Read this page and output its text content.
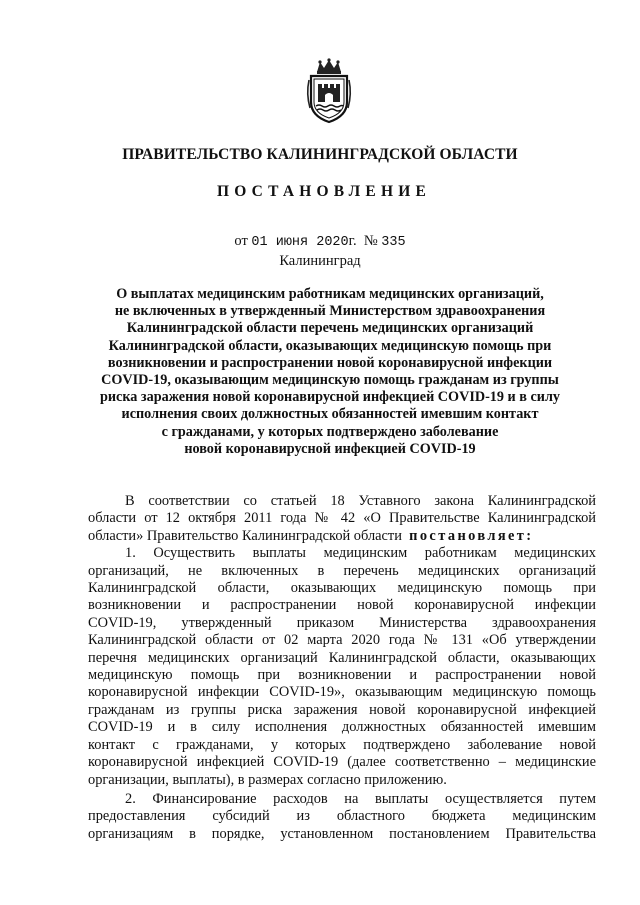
ПРАВИТЕЛЬСТВО КАЛИНИНГРАДСКОЙ ОБЛАСТИ
ПОСТАНОВЛЕНИЕ
от 01 июня 2020г. № 335
Калининград
О выплатах медицинским работникам медицинских организаций,
не включенных в утвержденный Министерством здравоохранения
Калининградской области перечень медицинских организаций
Калининградской области, оказывающих медицинскую помощь при
возникновении и распространении новой коронавирусной инфекции
COVID-19, оказывающим медицинскую помощь гражданам из группы
риска заражения новой коронавирусной инфекцией COVID-19 и в силу
исполнения своих должностных обязанностей имевшим контакт
с гражданами, у которых подтверждено заболевание
новой коронавирусной инфекцией COVID-19
В соответствии со статьей 18 Уставного закона Калининградской
области от 12 октября 2011 года № 42 «О Правительстве Калининградской
области» Правительство Калининградской области постановляет:
1. Осуществить выплаты медицинским работникам медицинских
организаций, не включенных в перечень медицинских организаций
Калининградской области, оказывающих медицинскую помощь при
возникновении и распространении новой коронавирусной инфекции
COVID-19, утвержденный приказом Министерства здравоохранения
Калининградской области от 02 марта 2020 года № 131 «Об утверждении
перечня медицинских организаций Калининградской области, оказывающих
медицинскую помощь при возникновении и распространении новой
коронавирусной инфекции COVID-19», оказывающим медицинскую помощь
гражданам из группы риска заражения новой коронавирусной инфекцией
COVID-19 и в силу исполнения должностных обязанностей имевшим
контакт с гражданами, у которых подтверждено заболевание новой
коронавирусной инфекцией COVID-19 (далее соответственно – медицинские
организации, выплаты), в размерах согласно приложению.
2. Финансирование расходов на выплаты осуществляется путем
предоставления субсидий из областного бюджета медицинским
организациям в порядке, установленном постановлением Правительства
